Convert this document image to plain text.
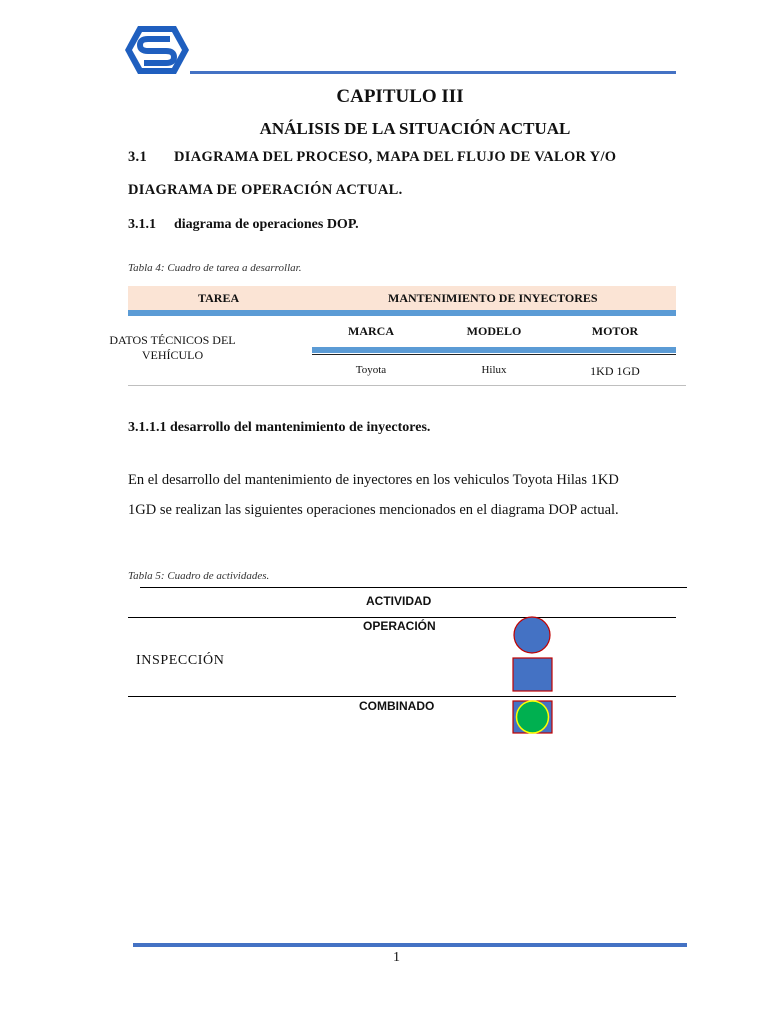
CAPITULO III
ANÁLISIS DE LA SITUACIÓN ACTUAL
3.1 DIAGRAMA DEL PROCESO, MAPA DEL FLUJO DE VALOR Y/O
DIAGRAMA DE OPERACIÓN ACTUAL.
3.1.1 diagrama de operaciones DOP.
Tabla 4: Cuadro de tarea a desarrollar.
TAREA	MANTENIMIENTO DE INYECTORES
DATOS TÉCNICOS DEL
VEHÍCULO
MARCA	MODELO	MOTOR
Toyota	Hilux	1KD 1GD
3.1.1.1 desarrollo del mantenimiento de inyectores.
En el desarrollo del mantenimiento de inyectores en los vehiculos Toyota Hilas 1KD
1GD se realizan las siguientes operaciones mencionados en el diagrama DOP actual.
Tabla 5: Cuadro de actividades.
ACTIVIDAD
OPERACIÓN
INSPECCIÓN
COMBINADO
1
